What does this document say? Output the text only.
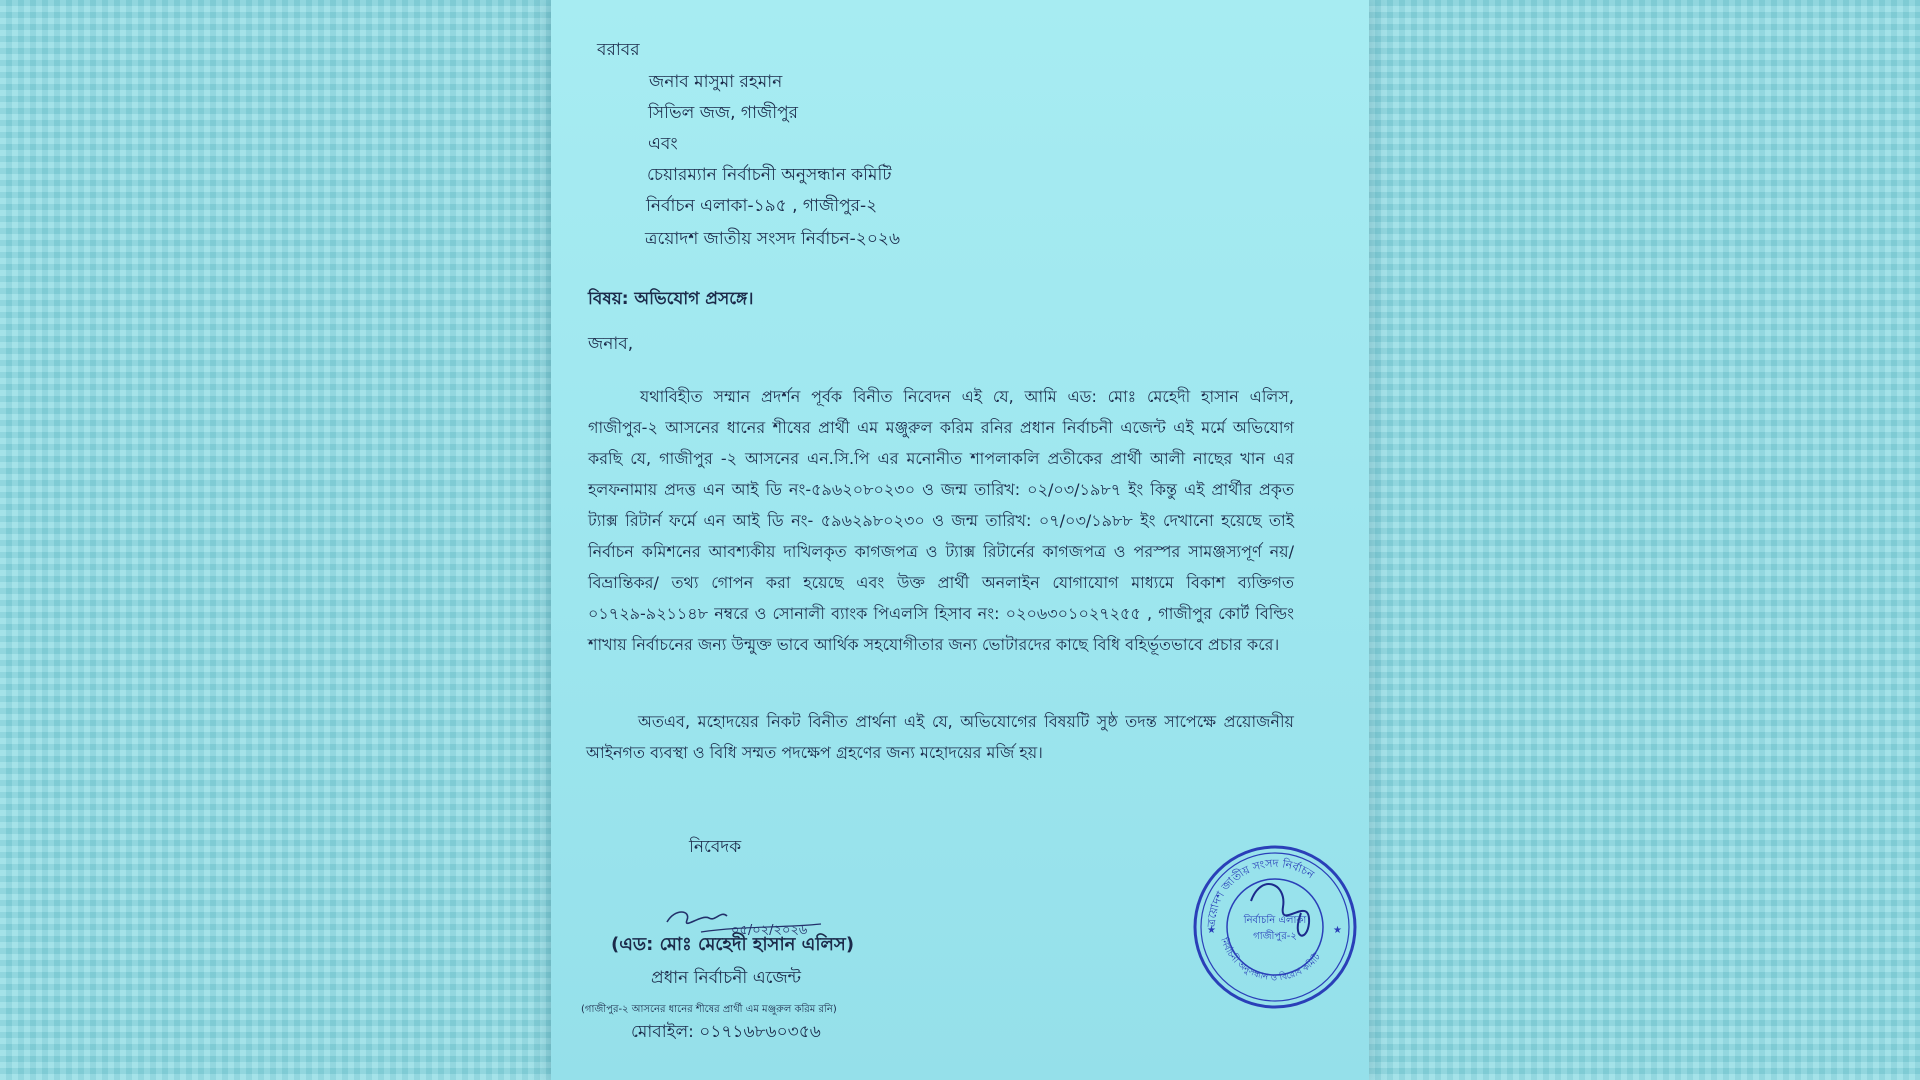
বরাবর
জনাব মাসুমা রহমান
সিভিল জজ, গাজীপুর
এবং
চেয়ারম্যান নির্বাচনী অনুসন্ধান কমিটি
নির্বাচন এলাকা-১৯৫ , গাজীপুর-২
ত্রয়োদশ জাতীয় সংসদ নির্বাচন-২০২৬
বিষয়: অভিযোগ প্রসঙ্গে।
জনাব,
যথাবিহীত সম্মান প্রদর্শন পূর্বক বিনীত নিবেদন এই যে, আমি এড: মোঃ মেহেদী হাসান এলিস, গাজীপুর-২ আসনের ধানের শীষের প্রার্থী এম মঞ্জুরুল করিম রনির প্রধান নির্বাচনী এজেন্ট এই মর্মে অভিযোগ করছি যে, গাজীপুর -২ আসনের এন.সি.পি এর মনোনীত শাপলাকলি প্রতীকের প্রার্থী আলী নাছের খান এর হলফনামায় প্রদত্ত এন আই ডি নং-৫৯৬২০৮০২৩০ ও জন্ম তারিখ: ০২/০৩/১৯৮৭ ইং কিন্তু এই প্রার্থীর প্রকৃত ট্যাক্স রিটার্ন ফর্মে এন আই ডি নং- ৫৯৬২৯৮০২৩০ ও জন্ম তারিখ: ০৭/০৩/১৯৮৮ ইং দেখানো হয়েছে তাই নির্বাচন কমিশনের আবশ্যকীয় দাখিলকৃত কাগজপত্র ও ট্যাক্স রিটার্নের কাগজপত্র ও পরস্পর সামঞ্জস্যপূর্ণ নয়/ বিভ্রান্তিকর/ তথ্য গোপন করা হয়েছে এবং উক্ত প্রার্থী অনলাইন যোগাযোগ মাধ্যমে বিকাশ ব্যক্তিগত ০১৭২৯-৯২১১৪৮ নম্বরে ও সোনালী ব্যাংক পিএলসি হিসাব নং: ০২০৬৩০১০২৭২৫৫ , গাজীপুর কোর্ট বিল্ডিং শাখায় নির্বাচনের জন্য উন্মুক্ত ভাবে আর্থিক সহযোগীতার জন্য ভোটারদের কাছে বিধি বহির্ভূতভাবে প্রচার করে।
অতএব, মহোদয়ের নিকট বিনীত প্রার্থনা এই যে, অভিযোগের বিষয়টি সুষ্ঠ তদন্ত সাপেক্ষে প্রয়োজনীয় আইনগত ব্যবস্থা ও বিধি সম্মত পদক্ষেপ গ্রহণের জন্য মহোদয়ের মর্জি হয়।
নিবেদক
০৫/০২/২০২৬
(এড: মোঃ মেহেদী হাসান এলিস)
প্রধান নির্বাচনী এজেন্ট
(গাজীপুর-২ আসনের ধানের শীষের প্রার্থী এম মঞ্জুরুল করিম রনি)
মোবাইল: ০১৭১৬৮৬০৩৫৬
ত্রয়োদশ জাতীয় সংসদ নির্বাচন
নির্বাচনী অনুসন্ধান ও বিরোধ কমিটি
নির্বাচনি এলাকা
গাজীপুর-২
★	★
